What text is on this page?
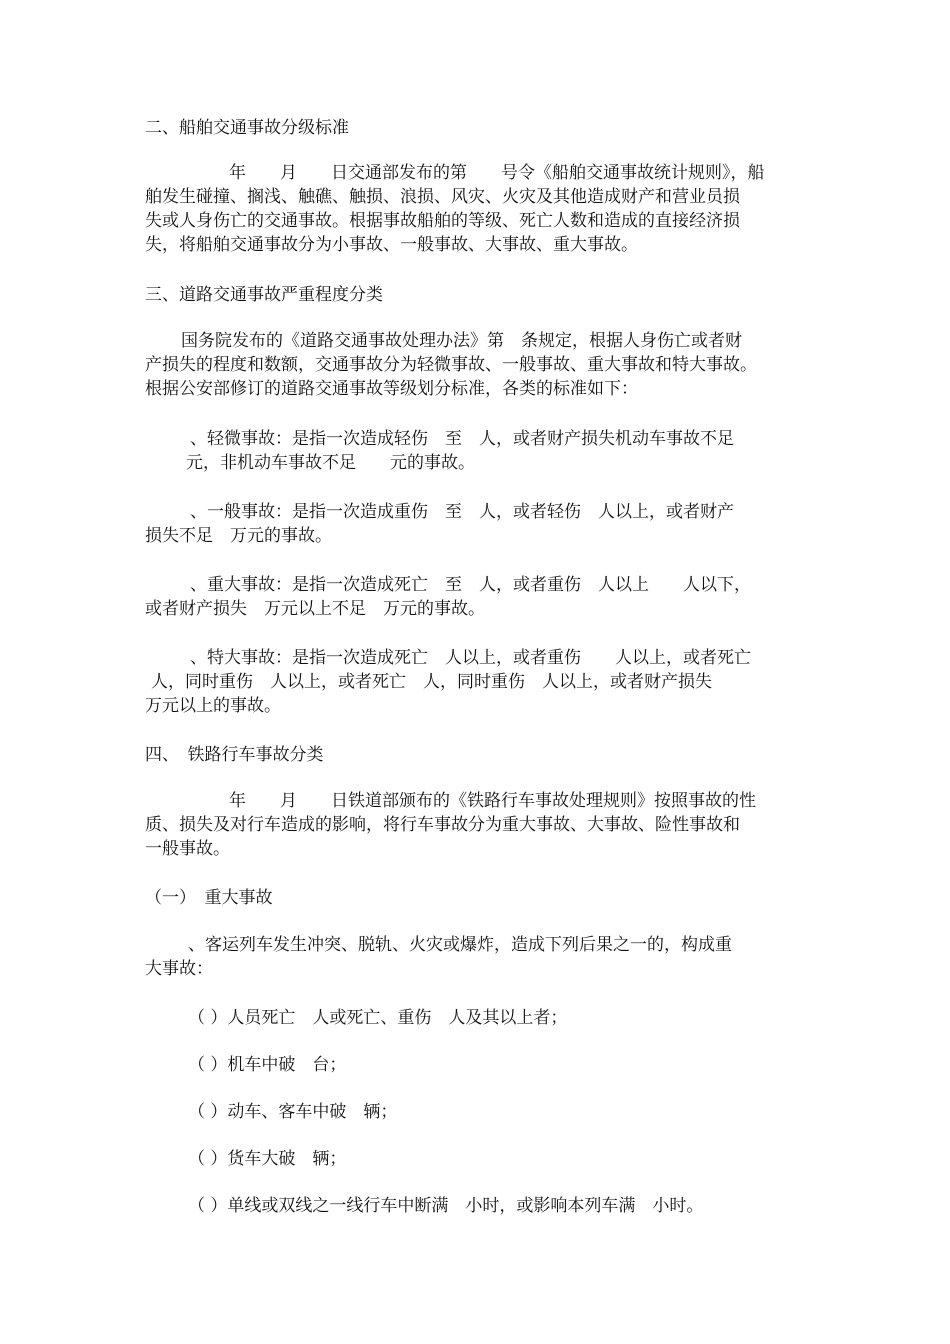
二、船舶交通事故分级标准
年　　月　　日交通部发布的第　　号令《船舶交通事故统计规则》，船
舶发生碰撞、搁浅、触礁、触损、浪损、风灾、火灾及其他造成财产和营业员损
失或人身伤亡的交通事故。根据事故船舶的等级、死亡人数和造成的直接经济损
失，将船舶交通事故分为小事故、一般事故、大事故、重大事故。
三、道路交通事故严重程度分类
国务院发布的《道路交通事故处理办法》第　条规定，根据人身伤亡或者财
产损失的程度和数额，交通事故分为轻微事故、一般事故、重大事故和特大事故。
根据公安部修订的道路交通事故等级划分标准，各类的标准如下：
、轻微事故：是指一次造成轻伤　至　人，或者财产损失机动车事故不足
元，非机动车事故不足　　元的事故。
、一般事故：是指一次造成重伤　至　人，或者轻伤　人以上，或者财产
损失不足　万元的事故。
、重大事故：是指一次造成死亡　至　人，或者重伤　人以上　　人以下，
或者财产损失　万元以上不足　万元的事故。
、特大事故：是指一次造成死亡　人以上，或者重伤　　人以上，或者死亡
人，同时重伤　人以上，或者死亡　人，同时重伤　人以上，或者财产损失
万元以上的事故。
四、　铁路行车事故分类
年　　月　　日铁道部颁布的《铁路行车事故处理规则》按照事故的性
质、损失及对行车造成的影响，将行车事故分为重大事故、大事故、险性事故和
一般事故。
（一）　重大事故
、客运列车发生冲突、脱轨、火灾或爆炸，造成下列后果之一的，构成重
大事故：
（ ）人员死亡　人或死亡、重伤　人及其以上者；
（ ）机车中破　台；
（ ）动车、客车中破　辆；
（ ）货车大破　辆；
（ ）单线或双线之一线行车中断满　小时，或影响本列车满　小时。
